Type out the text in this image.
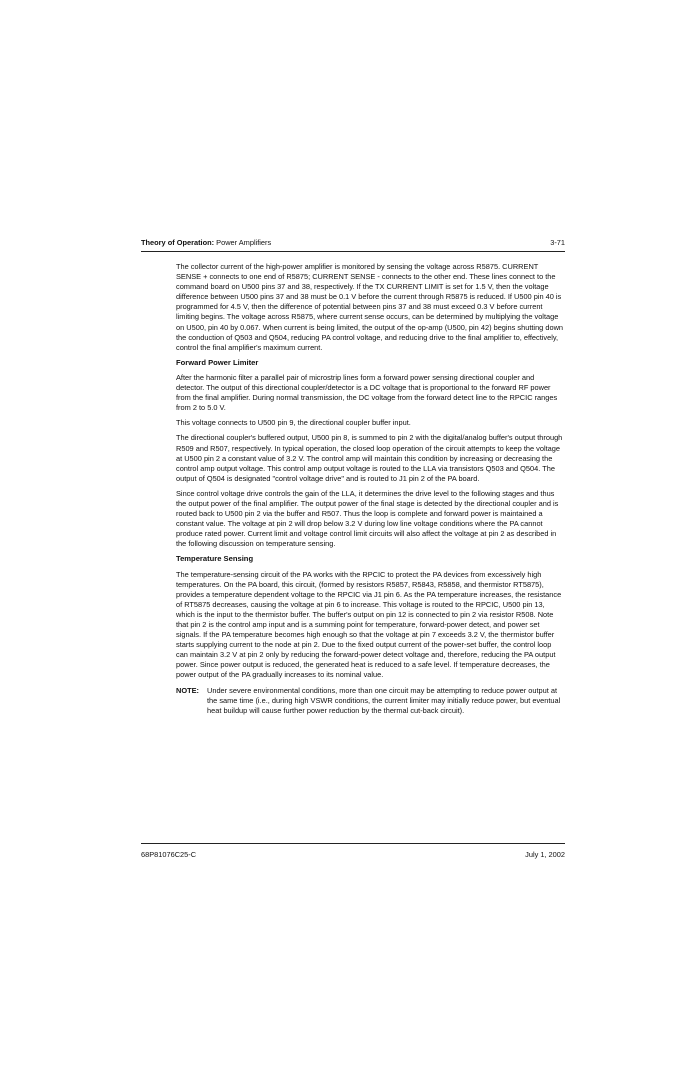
Theory of Operation: Power Amplifiers	3-71

The collector current of the high-power amplifier is monitored by sensing the voltage across R5875. CURRENT SENSE + connects to one end of R5875; CURRENT SENSE - connects to the other end. These lines connect to the command board on U500 pins 37 and 38, respectively. If the TX CURRENT LIMIT is set for 1.5 V, then the voltage difference between U500 pins 37 and 38 must be 0.1 V before the current through R5875 is reduced. If U500 pin 40 is programmed for 4.5 V, then the difference of potential between pins 37 and 38 must exceed 0.3 V before current limiting begins. The voltage across R5875, where current sense occurs, can be determined by multiplying the voltage on U500, pin 40 by 0.067. When current is being limited, the output of the op-amp (U500, pin 42) begins shutting down the conduction of Q503 and Q504, reducing PA control voltage, and reducing drive to the final amplifier to, effectively, control the final amplifier's maximum current.

Forward Power Limiter

After the harmonic filter a parallel pair of microstrip lines form a forward power sensing directional coupler and detector. The output of this directional coupler/detector is a DC voltage that is proportional to the forward RF power from the final amplifier. During normal transmission, the DC voltage from the forward detect line to the RPCIC ranges from 2 to 5.0 V.

This voltage connects to U500 pin 9, the directional coupler buffer input.

The directional coupler's buffered output, U500 pin 8, is summed to pin 2 with the digital/analog buffer's output through R509 and R507, respectively. In typical operation, the closed loop operation of the circuit attempts to keep the voltage at U500 pin 2 a constant value of 3.2 V. The control amp will maintain this condition by increasing or decreasing the control amp output voltage. This control amp output voltage is routed to the LLA via transistors Q503 and Q504. The output of Q504 is designated "control voltage drive" and is routed to J1 pin 2 of the PA board.

Since control voltage drive controls the gain of the LLA, it determines the drive level to the following stages and thus the output power of the final amplifier. The output power of the final stage is detected by the directional coupler and is routed back to U500 pin 2 via the buffer and R507. Thus the loop is complete and forward power is maintained a constant value. The voltage at pin 2 will drop below 3.2 V during low line voltage conditions where the PA cannot produce rated power. Current limit and voltage control limit circuits will also affect the voltage at pin 2 as described in the following discussion on temperature sensing.

Temperature Sensing

The temperature-sensing circuit of the PA works with the RPCIC to protect the PA devices from excessively high temperatures. On the PA board, this circuit, (formed by resistors R5857, R5843, R5858, and thermistor RT5875), provides a temperature dependent voltage to the RPCIC via J1 pin 6. As the PA temperature increases, the resistance of RT5875 decreases, causing the voltage at pin 6 to increase. This voltage is routed to the RPCIC, U500 pin 13, which is the input to the thermistor buffer. The buffer's output on pin 12 is connected to pin 2 via resistor R508. Note that pin 2 is the control amp input and is a summing point for temperature, forward-power detect, and power set signals. If the PA temperature becomes high enough so that the voltage at pin 7 exceeds 3.2 V, the thermistor buffer starts supplying current to the node at pin 2. Due to the fixed output current of the power-set buffer, the control loop can maintain 3.2 V at pin 2 only by reducing the forward-power detect voltage and, therefore, reducing the PA output power. Since power output is reduced, the generated heat is reduced to a safe level. If temperature decreases, the power output of the PA gradually increases to its nominal value.

NOTE: Under severe environmental conditions, more than one circuit may be attempting to reduce power output at the same time (i.e., during high VSWR conditions, the current limiter may initially reduce power, but eventual heat buildup will cause further power reduction by the thermal cut-back circuit).
68P81076C25-C	July 1, 2002
